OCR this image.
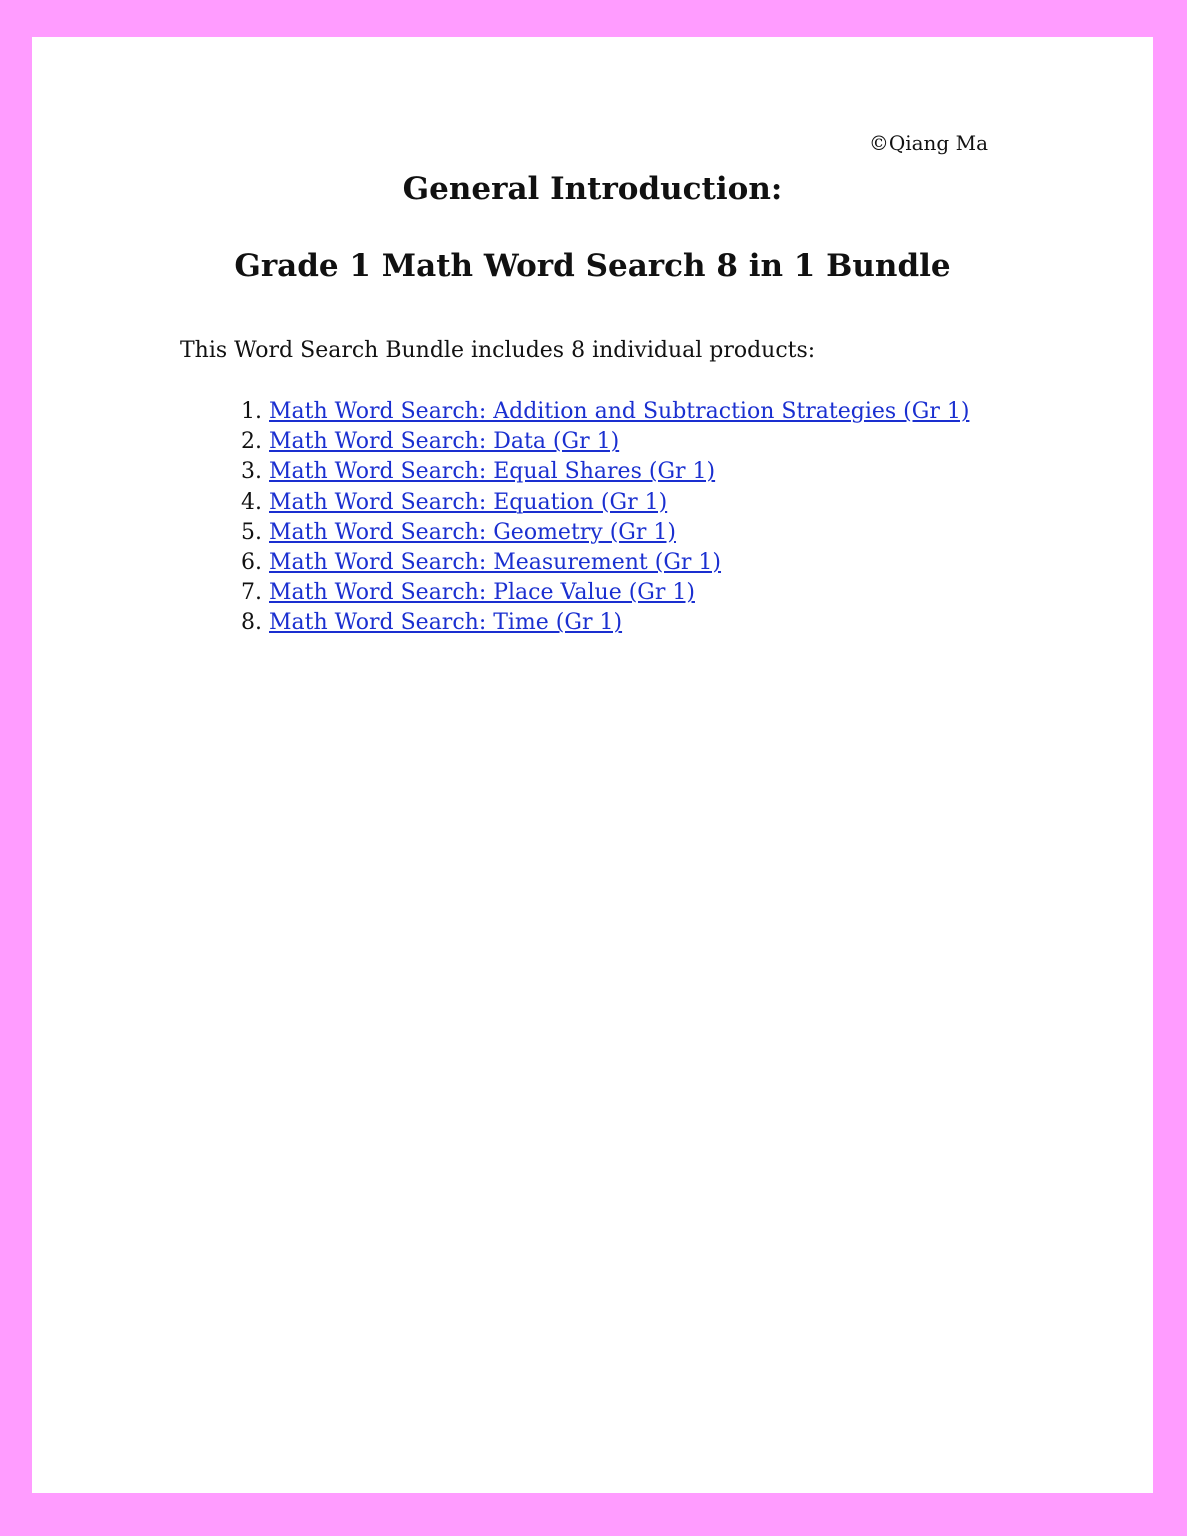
©Qiang Ma
General Introduction:
Grade 1 Math Word Search 8 in 1 Bundle
This Word Search Bundle includes 8 individual products:
1. Math Word Search: Addition and Subtraction Strategies (Gr 1)
2. Math Word Search: Data (Gr 1)
3. Math Word Search: Equal Shares (Gr 1)
4. Math Word Search: Equation (Gr 1)
5. Math Word Search: Geometry (Gr 1)
6. Math Word Search: Measurement (Gr 1)
7. Math Word Search: Place Value (Gr 1)
8. Math Word Search: Time (Gr 1)
